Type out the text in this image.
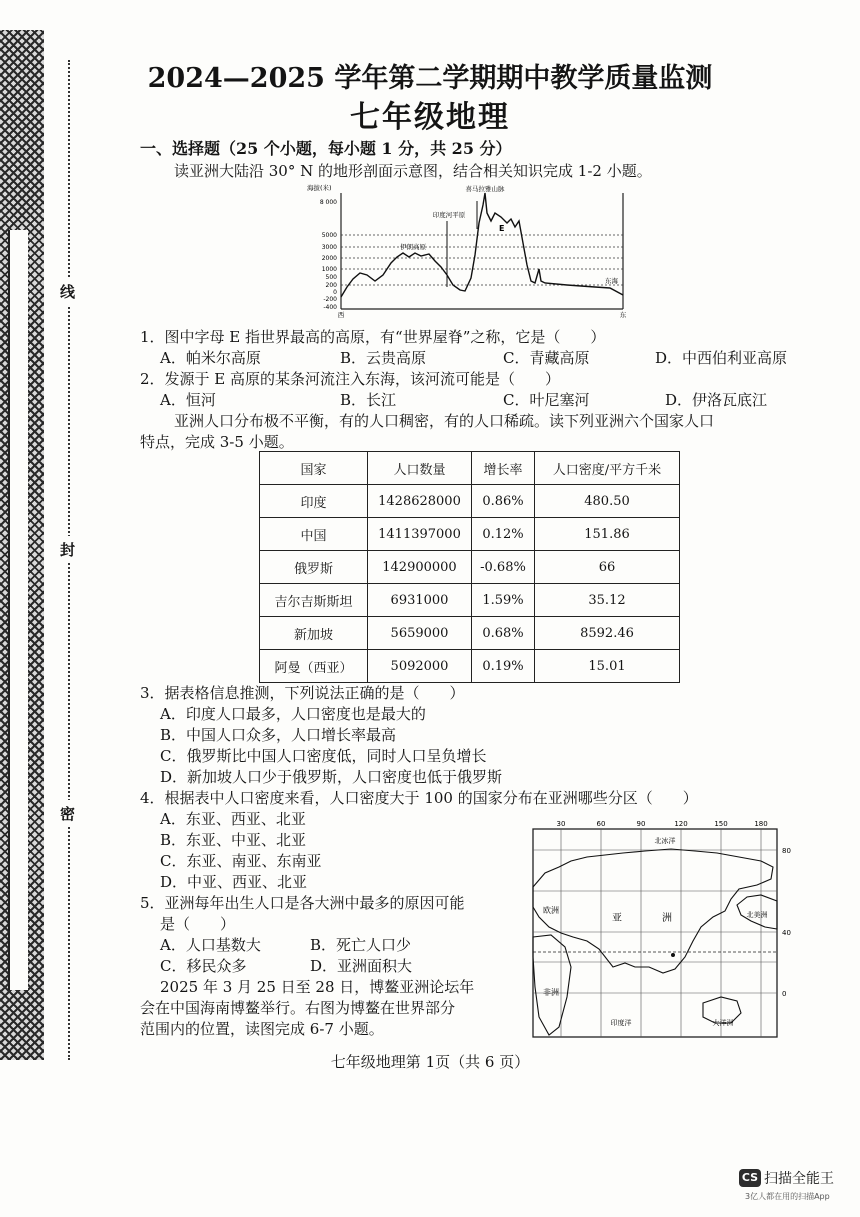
线
封
密
2024—2025 学年第二学期期中教学质量监测
七年级地理
一、选择题（25 个小题，每小题 1 分，共 25 分）
读亚洲大陆沿 30° N 的地形剖面示意图，结合相关知识完成 1-2 小题。
海拔(米)
8 000
5000
3000
2000
1000
500
200
0
-200
-400
喜马拉雅山脉
印度河平原
伊朗高原
E
东海
西	东
1．图中字母 E 指世界最高的高原，有“世界屋脊”之称，它是（　　）
A．帕米尔高原	B．云贵高原	C．青藏高原	D．中西伯利亚高原
2．发源于 E 高原的某条河流注入东海，该河流可能是（　　）
A．恒河	B．长江	C．叶尼塞河	D．伊洛瓦底江
亚洲人口分布极不平衡，有的人口稠密，有的人口稀疏。读下列亚洲六个国家人口
特点，完成 3-5 小题。
国家	人口数量	增长率	人口密度/平方千米
印度	1428628000	0.86%	480.50
中国	1411397000	0.12%	151.86
俄罗斯	142900000	-0.68%	66
吉尔吉斯斯坦	6931000	1.59%	35.12
新加坡	5659000	0.68%	8592.46
阿曼（西亚）	5092000	0.19%	15.01
3．据表格信息推测，下列说法正确的是（　　）
A．印度人口最多，人口密度也是最大的
B．中国人口众多，人口增长率最高
C．俄罗斯比中国人口密度低，同时人口呈负增长
D．新加坡人口少于俄罗斯，人口密度也低于俄罗斯
4．根据表中人口密度来看，人口密度大于 100 的国家分布在亚洲哪些分区（　　）
A．东亚、西亚、北亚
B．东亚、中亚、北亚
C．东亚、南亚、东南亚
D．中亚、西亚、北亚
5．亚洲每年出生人口是各大洲中最多的原因可能
是（　　）
A．人口基数大	B．死亡人口少
C．移民众多	D．亚洲面积大
2025 年 3 月 25 日至 28 日，博鳌亚洲论坛年
会在中国海南博鳌举行。右图为博鳌在世界部分
范围内的位置，读图完成 6-7 小题。
30	60	90	120	150	180
80
40
0
北冰洋
欧洲
亚	洲	北美洲
非洲
印度洋	大洋洲
七年级地理第 1页（共 6 页）
CS 扫描全能王
3亿人都在用的扫描App
